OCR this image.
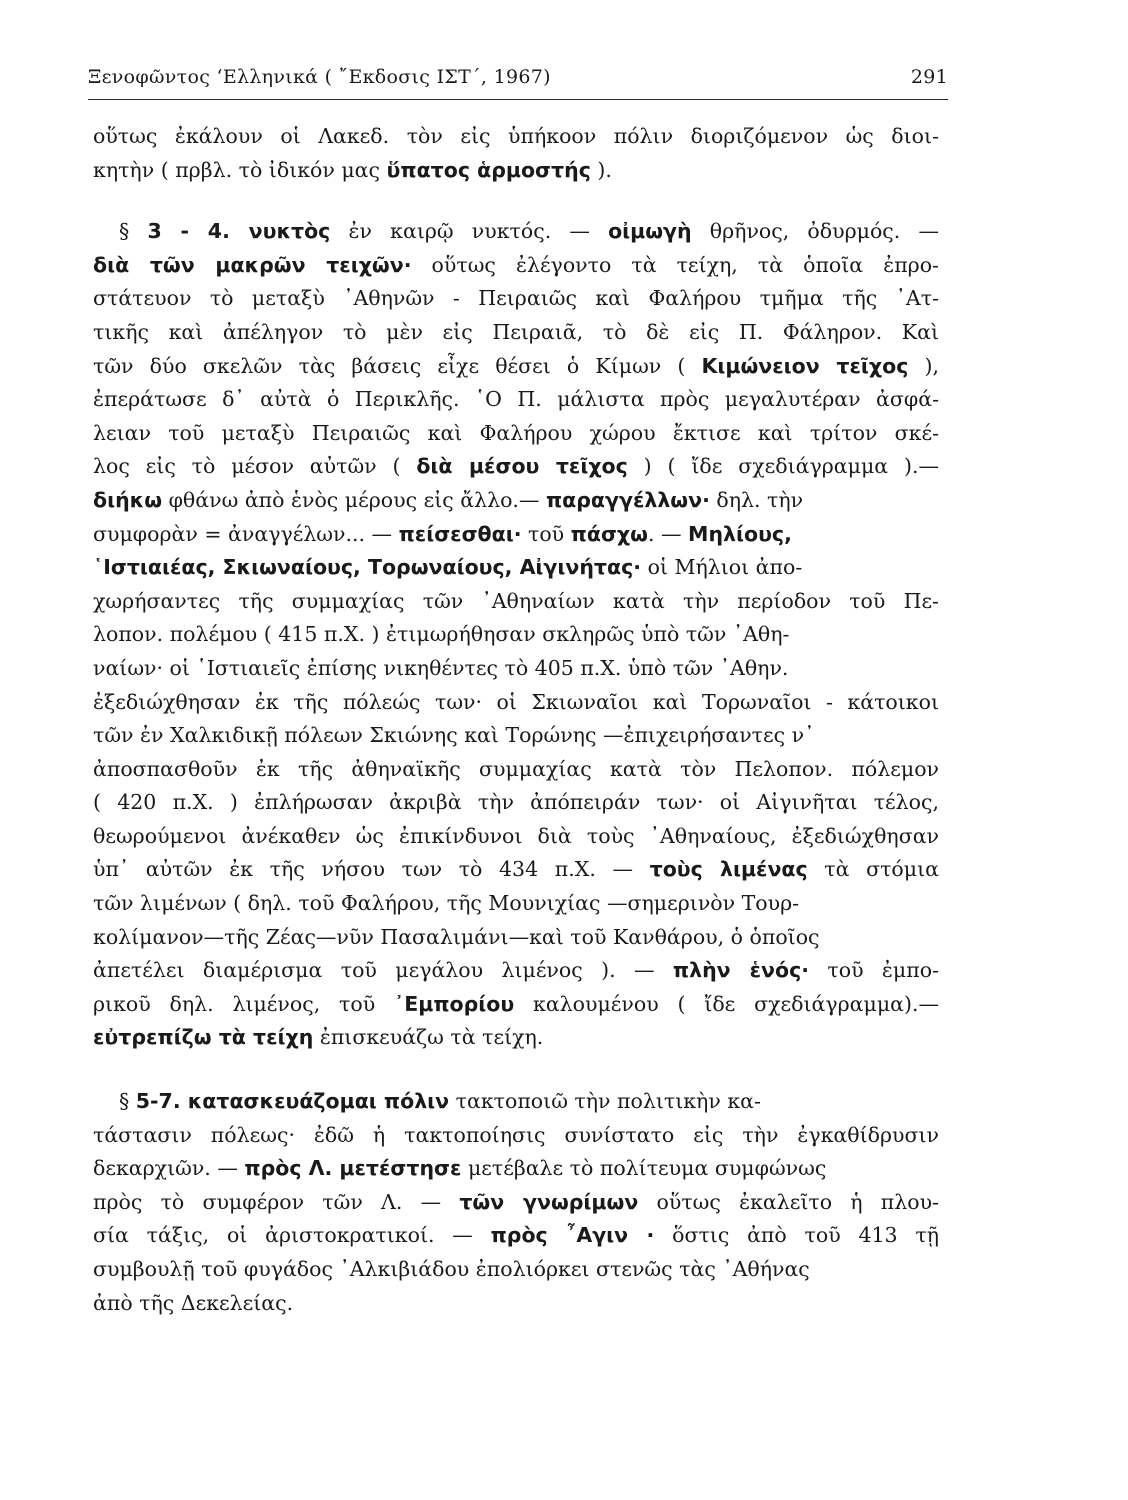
Ξενοφῶντος ‘Ελληνικά ( ῎Εκδοσις ΙΣΤ΄, 1967)	291

οὕτως ἐκάλουν οἱ Λακεδ. τὸν εἰς ὑπήκοον πόλιν διοριζόμενον ὡς διοι-
κητὴν ( πρβλ. τὸ ἰδικόν μας ὕπατος ἁρμοστής ).

§ 3 - 4. νυκτὸς ἐν καιρῷ νυκτός. — οἰμωγὴ θρῆνος, ὀδυρμός. —
διὰ τῶν μακρῶν τειχῶν· οὕτως ἐλέγοντο τὰ τείχη, τὰ ὁποῖα ἐπρο-
στάτευον τὸ μεταξὺ ᾿Αθηνῶν - Πειραιῶς καὶ Φαλήρου τμῆμα τῆς ᾿Ατ-
τικῆς καὶ ἀπέληγον τὸ μὲν εἰς Πειραιᾶ, τὸ δὲ εἰς Π. Φάληρον. Καὶ
τῶν δύο σκελῶν τὰς βάσεις εἶχε θέσει ὁ Κίμων ( Κιμώνειον τεῖχος ),
ἐπεράτωσε δ᾿ αὐτὰ ὁ Περικλῆς. ῾Ο Π. μάλιστα πρὸς μεγαλυτέραν ἀσφά-
λειαν τοῦ μεταξὺ Πειραιῶς καὶ Φαλήρου χώρου ἔκτισε καὶ τρίτον σκέ-
λος εἰς τὸ μέσον αὐτῶν ( διὰ μέσου τεῖχος ) ( ἴδε σχεδιάγραμμα ).—
διήκω φθάνω ἀπὸ ἑνὸς μέρους εἰς ἄλλο.— παραγγέλλων· δηλ. τὴν
συμφορὰν = ἀναγγέλων... — πείσεσθαι· τοῦ πάσχω. — Μηλίους,
῾Ιστιαιέας, Σκιωναίους, Τορωναίους, Αἰγινήτας· οἱ Μήλιοι ἀπο-
χωρήσαντες τῆς συμμαχίας τῶν ᾿Αθηναίων κατὰ τὴν περίοδον τοῦ Πε-
λοπον. πολέμου ( 415 π.Χ. ) ἐτιμωρήθησαν σκληρῶς ὑπὸ τῶν ᾿Αθη-
ναίων· οἱ ῾Ιστιαιεῖς ἐπίσης νικηθέντες τὸ 405 π.Χ. ὑπὸ τῶν ᾿Αθην.
ἐξεδιώχθησαν ἐκ τῆς πόλεώς των· οἱ Σκιωναῖοι καὶ Τορωναῖοι - κάτοικοι
τῶν ἐν Χαλκιδικῇ πόλεων Σκιώνης καὶ Τορώνης —ἐπιχειρήσαντες ν᾿
ἀποσπασθοῦν ἐκ τῆς ἀθηναϊκῆς συμμαχίας κατὰ τὸν Πελοπον. πόλεμον
( 420 π.Χ. ) ἐπλήρωσαν ἀκριβὰ τὴν ἀπόπειράν των· οἱ Αἰγινῆται τέλος,
θεωρούμενοι ἀνέκαθεν ὡς ἐπικίνδυνοι διὰ τοὺς ᾿Αθηναίους, ἐξεδιώχθησαν
ὑπ᾿ αὐτῶν ἐκ τῆς νήσου των τὸ 434 π.Χ. — τοὺς λιμένας τὰ στόμια
τῶν λιμένων ( δηλ. τοῦ Φαλήρου, τῆς Μουνιχίας —σημερινὸν Τουρ-
κολίμανον—τῆς Ζέας—νῦν Πασαλιμάνι—καὶ τοῦ Κανθάρου, ὁ ὁποῖος
ἀπετέλει διαμέρισμα τοῦ μεγάλου λιμένος ). — πλὴν ἑνός· τοῦ ἐμπο-
ρικοῦ δηλ. λιμένος, τοῦ ᾿Εμπορίου καλουμένου ( ἴδε σχεδιάγραμμα).—
εὐτρεπίζω τὰ τείχη ἐπισκευάζω τὰ τείχη.

§ 5-7. κατασκευάζομαι πόλιν τακτοποιῶ τὴν πολιτικὴν κα-
τάστασιν πόλεως· ἐδῶ ἡ τακτοποίησις συνίστατο εἰς τὴν ἐγκαθίδρυσιν
δεκαρχιῶν. — πρὸς Λ. μετέστησε μετέβαλε τὸ πολίτευμα συμφώνως
πρὸς τὸ συμφέρον τῶν Λ. — τῶν γνωρίμων οὕτως ἐκαλεῖτο ἡ πλου-
σία τάξις, οἱ ἀριστοκρατικοί. — πρὸς ῏Αγιν · ὅστις ἀπὸ τοῦ 413 τῇ
συμβουλῇ τοῦ φυγάδος ᾿Αλκιβιάδου ἐπολιόρκει στενῶς τὰς ᾿Αθήνας
ἀπὸ τῆς Δεκελείας.
